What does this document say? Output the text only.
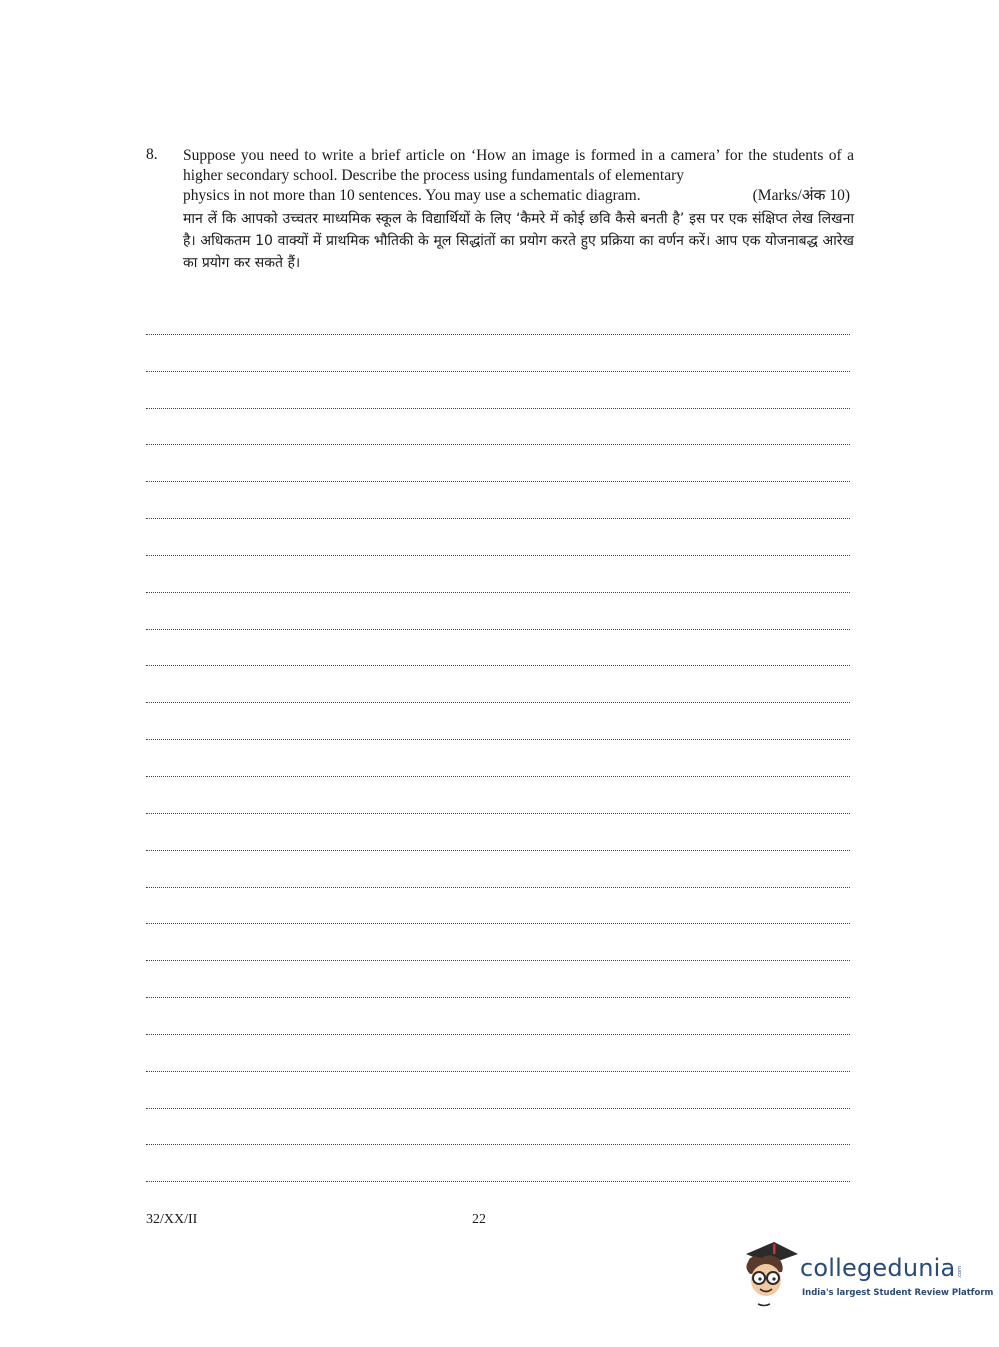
8. Suppose you need to write a brief article on ‘How an image is formed in a camera’ for the students of a higher secondary school. Describe the process using fundamentals of elementary

physics in not more than 10 sentences. You may use a schematic diagram.	(Marks/अंक 10)

मान लें कि आपको उच्चतर माध्यमिक स्कूल के विद्यार्थियों के लिए ‘कैमरे में कोई छवि कैसे बनती है’ इस पर एक संक्षिप्त लेख लिखना है। अधिकतम 10 वाक्यों में प्राथमिक भौतिकी के मूल सिद्धांतों का प्रयोग करते हुए प्रक्रिया का वर्णन करें। आप एक योजनाबद्ध आरेख का प्रयोग कर सकते हैं।

32/XX/II	22
collegedunia .com
India's largest Student Review Platform
